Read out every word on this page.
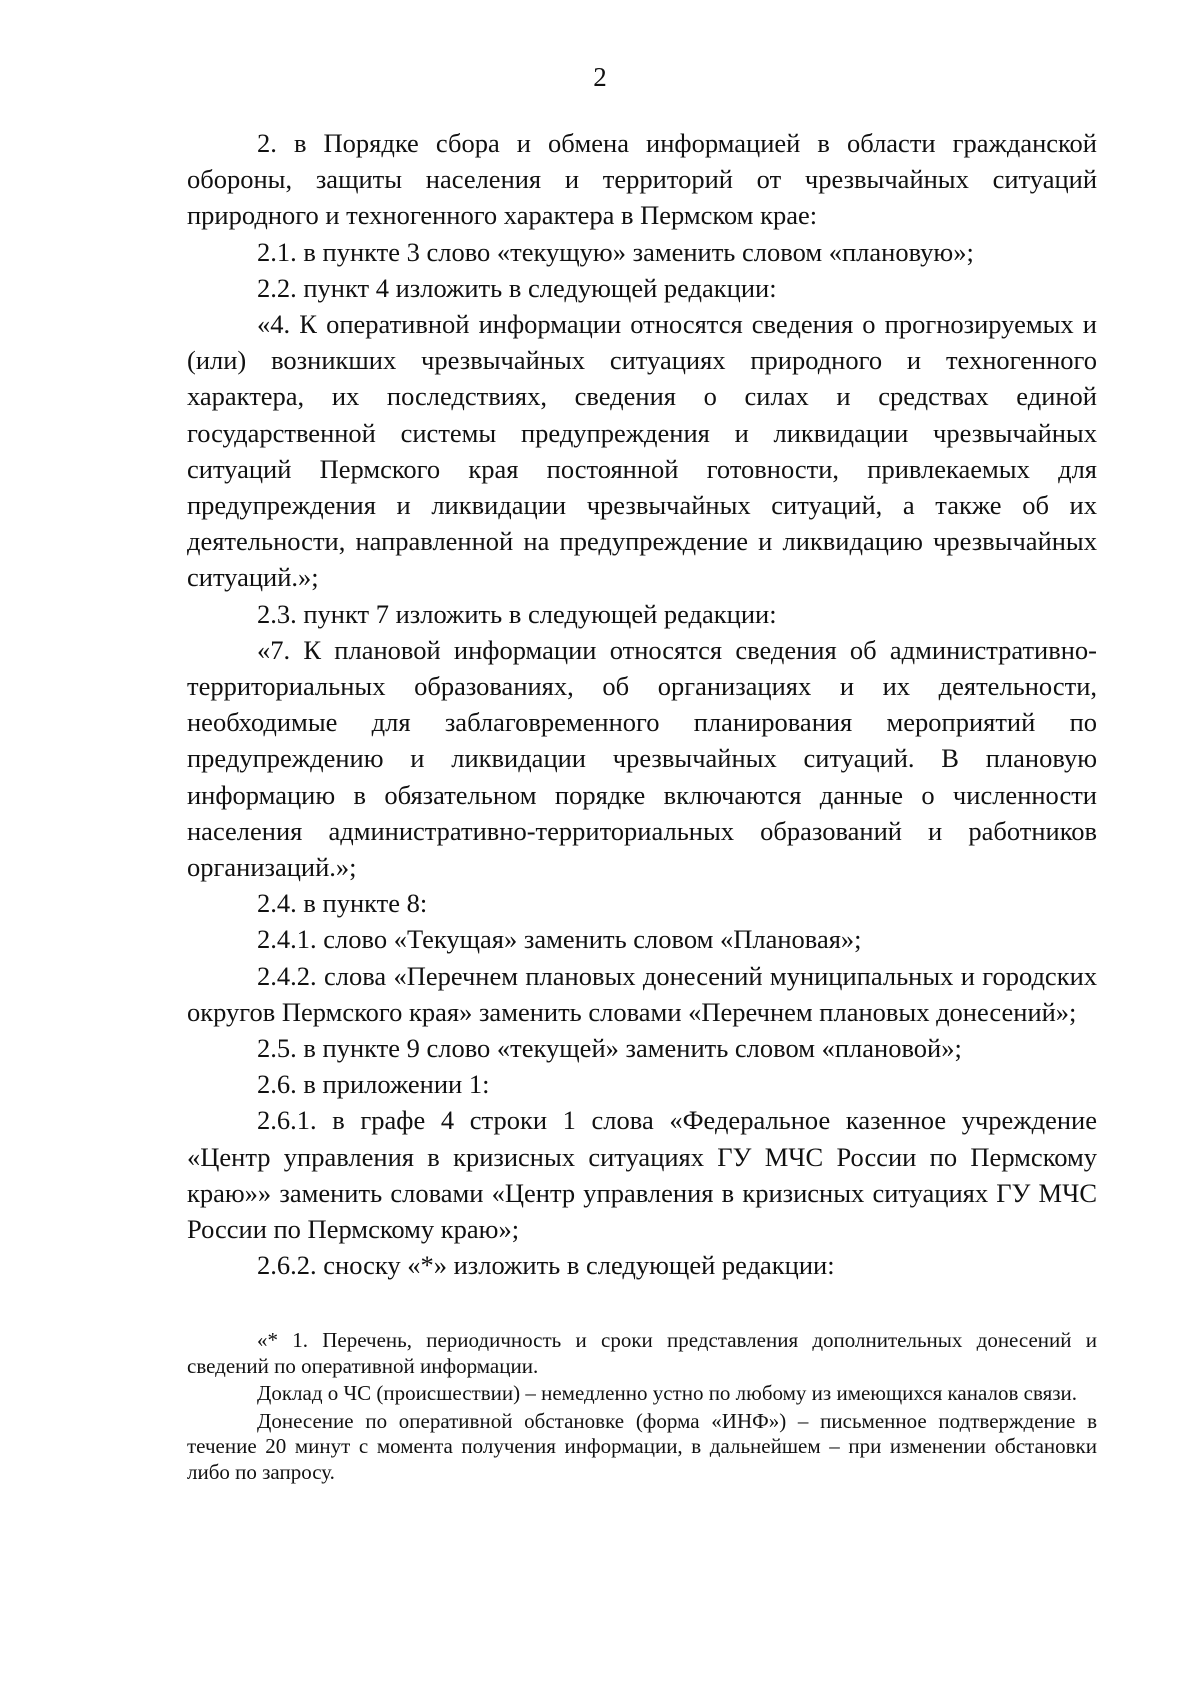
2

2. в Порядке сбора и обмена информацией в области гражданской обороны, защиты населения и территорий от чрезвычайных ситуаций природного и техногенного характера в Пермском крае:

2.1. в пункте 3 слово «текущую» заменить словом «плановую»;

2.2. пункт 4 изложить в следующей редакции:

«4. К оперативной информации относятся сведения о прогнозируемых и (или) возникших чрезвычайных ситуациях природного и техногенного характера, их последствиях, сведения о силах и средствах единой государственной системы предупреждения и ликвидации чрезвычайных ситуаций Пермского края постоянной готовности, привлекаемых для предупреждения и ликвидации чрезвычайных ситуаций, а также об их деятельности, направленной на предупреждение и ликвидацию чрезвычайных ситуаций.»;

2.3. пункт 7 изложить в следующей редакции:

«7. К плановой информации относятся сведения об административно-территориальных образованиях, об организациях и их деятельности, необходимые для заблаговременного планирования мероприятий по предупреждению и ликвидации чрезвычайных ситуаций. В плановую информацию в обязательном порядке включаются данные о численности населения административно-территориальных образований и работников организаций.»;

2.4. в пункте 8:

2.4.1. слово «Текущая» заменить словом «Плановая»;

2.4.2. слова «Перечнем плановых донесений муниципальных и городских округов Пермского края» заменить словами «Перечнем плановых донесений»;

2.5. в пункте 9 слово «текущей» заменить словом «плановой»;

2.6. в приложении 1:

2.6.1. в графе 4 строки 1 слова «Федеральное казенное учреждение «Центр управления в кризисных ситуациях ГУ МЧС России по Пермскому краю»» заменить словами «Центр управления в кризисных ситуациях ГУ МЧС России по Пермскому краю»;

2.6.2. сноску «*» изложить в следующей редакции:

«* 1. Перечень, периодичность и сроки представления дополнительных донесений и сведений по оперативной информации.

Доклад о ЧС (происшествии) – немедленно устно по любому из имеющихся каналов связи.

Донесение по оперативной обстановке (форма «ИНФ») – письменное подтверждение в течение 20 минут с момента получения информации, в дальнейшем – при изменении обстановки либо по запросу.
